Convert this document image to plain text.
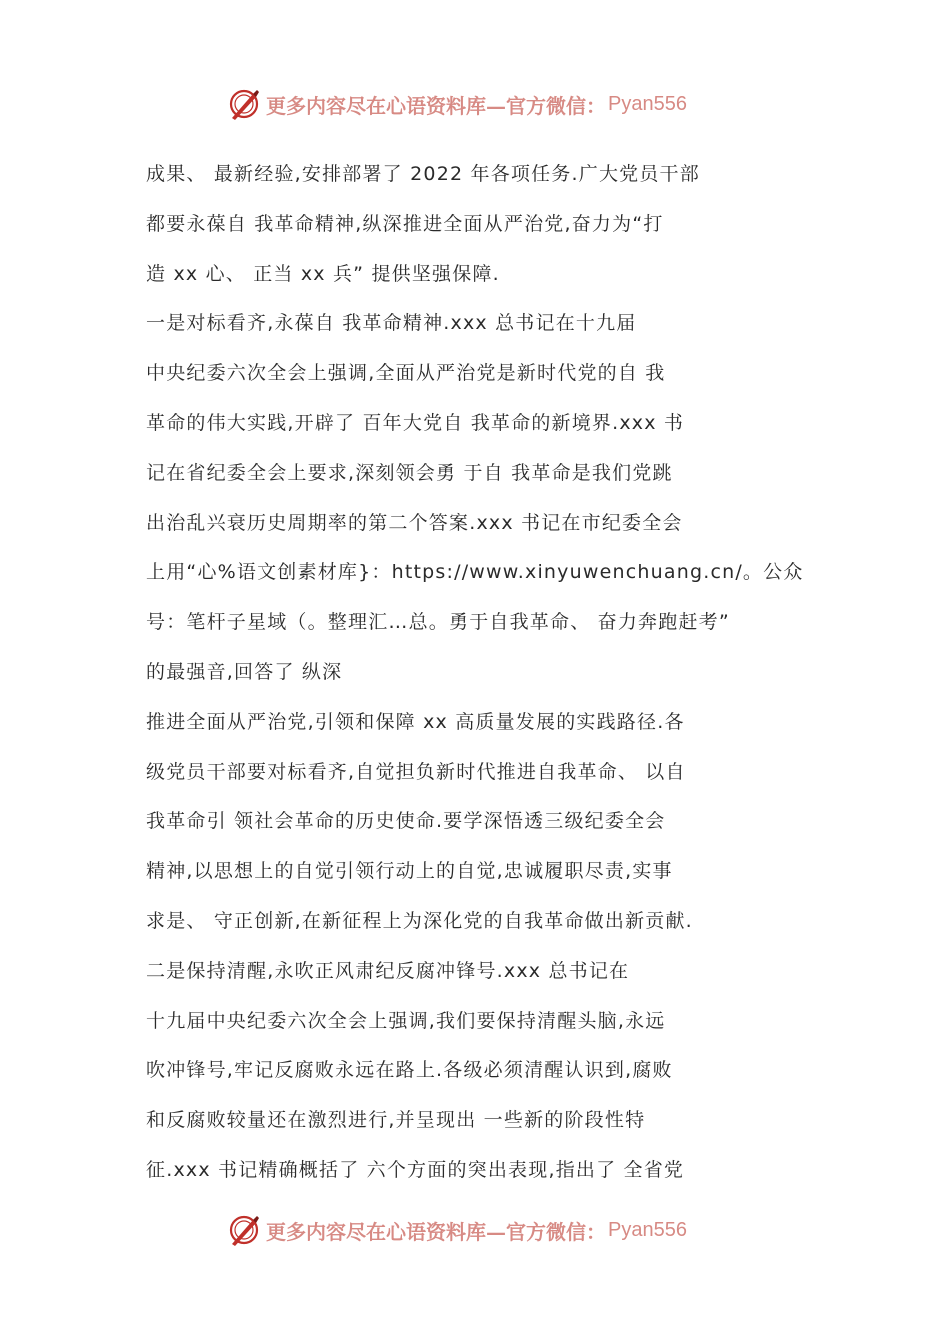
更多内容尽在心语资料库—官方微信： Pyan556
成果、 最新经验,安排部署了 2022 年各项任务.广大党员干部
都要永葆自 我革命精神,纵深推进全面从严治党,奋力为“打
造 xx 心、 正当 xx 兵” 提供坚强保障.
一是对标看齐,永葆自 我革命精神.xxx 总书记在十九届
中央纪委六次全会上强调,全面从严治党是新时代党的自 我
革命的伟大实践,开辟了 百年大党自 我革命的新境界.xxx 书
记在省纪委全会上要求,深刻领会勇 于自 我革命是我们党跳
出治乱兴衰历史周期率的第二个答案.xxx 书记在市纪委全会
上用“心%语文创素材库}：https://www.xinyuwenchuang.cn/。公众
号：笔杆子星域（。整理汇…总。勇于自我革命、 奋力奔跑赶考”
的最强音,回答了 纵深
推进全面从严治党,引领和保障 xx 高质量发展的实践路径.各
级党员干部要对标看齐,自觉担负新时代推进自我革命、 以自
我革命引 领社会革命的历史使命.要学深悟透三级纪委全会
精神,以思想上的自觉引领行动上的自觉,忠诚履职尽责,实事
求是、 守正创新,在新征程上为深化党的自我革命做出新贡献.
二是保持清醒,永吹正风肃纪反腐冲锋号.xxx 总书记在
十九届中央纪委六次全会上强调,我们要保持清醒头脑,永远
吹冲锋号,牢记反腐败永远在路上.各级必须清醒认识到,腐败
和反腐败较量还在激烈进行,并呈现出 一些新的阶段性特
征.xxx 书记精确概括了 六个方面的突出表现,指出了 全省党
更多内容尽在心语资料库—官方微信： Pyan556
